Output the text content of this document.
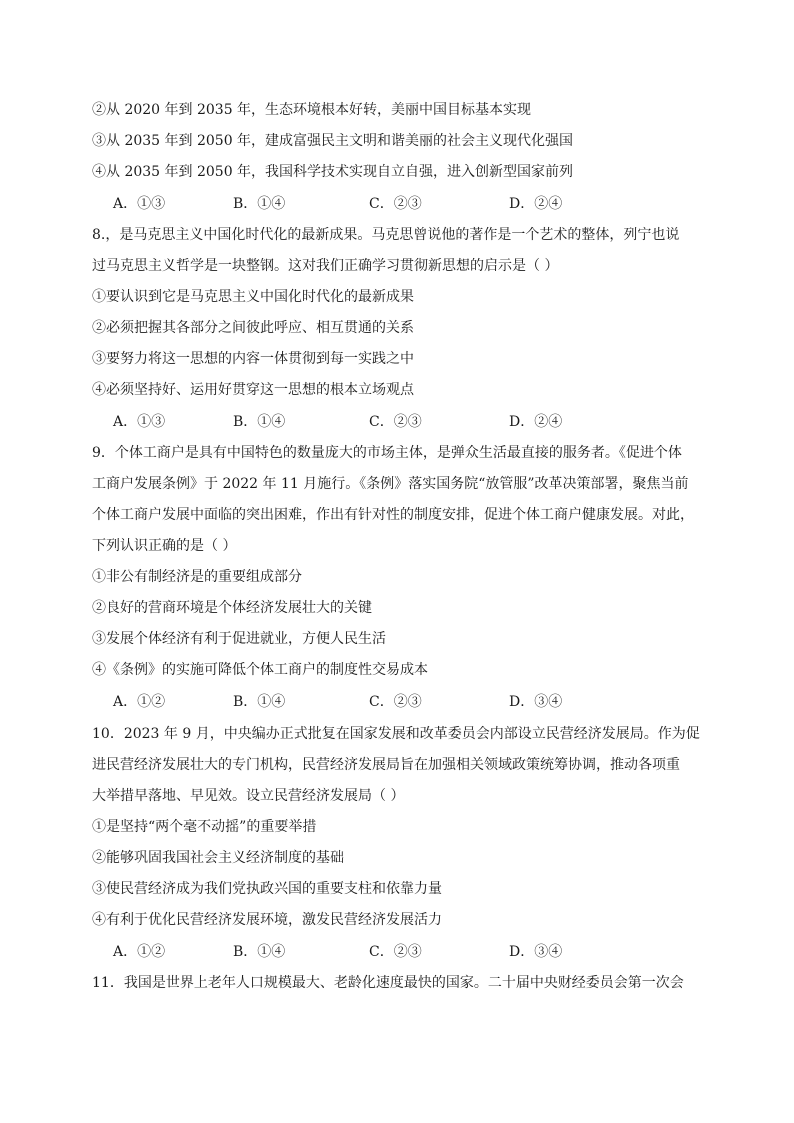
②从 2020 年到 2035 年，生态环境根本好转，美丽中国目标基本实现
③从 2035 年到 2050 年，建成富强民主文明和谐美丽的社会主义现代化强国
④从 2035 年到 2050 年，我国科学技术实现自立自强，进入创新型国家前列
A．①③	B．①④	C．②③	D．②④
8.，是马克思主义中国化时代化的最新成果。马克思曾说他的著作是一个艺术的整体，列宁也说
过马克思主义哲学是一块整钢。这对我们正确学习贯彻新思想的启示是（ ）
①要认识到它是马克思主义中国化时代化的最新成果
②必须把握其各部分之间彼此呼应、相互贯通的关系
③要努力将这一思想的内容一体贯彻到每一实践之中
④必须坚持好、运用好贯穿这一思想的根本立场观点
A．①③	B．①④	C．②③	D．②④
9．个体工商户是具有中国特色的数量庞大的市场主体，是弹众生活最直接的服务者。《促进个体
工商户发展条例》于 2022 年 11 月施行。《条例》落实国务院“放管服”改革决策部署，聚焦当前
个体工商户发展中面临的突出困难，作出有针对性的制度安排，促进个体工商户健康发展。对此，
下列认识正确的是（ ）
①非公有制经济是的重要组成部分
②良好的营商环境是个体经济发展壮大的关键
③发展个体经济有利于促进就业，方便人民生活
④《条例》的实施可降低个体工商户的制度性交易成本
A．①②	B．①④	C．②③	D．③④
10．2023 年 9 月，中央编办正式批复在国家发展和改革委员会内部设立民营经济发展局。作为促
进民营经济发展壮大的专门机构，民营经济发展局旨在加强相关领域政策统筹协调，推动各项重
大举措早落地、早见效。设立民营经济发展局（ ）
①是坚持“两个毫不动摇”的重要举措
②能够巩固我国社会主义经济制度的基础
③使民营经济成为我们党执政兴国的重要支柱和依靠力量
④有利于优化民营经济发展环境，激发民营经济发展活力
A．①②	B．①④	C．②③	D．③④
11．我国是世界上老年人口规模最大、老龄化速度最快的国家。二十届中央财经委员会第一次会
